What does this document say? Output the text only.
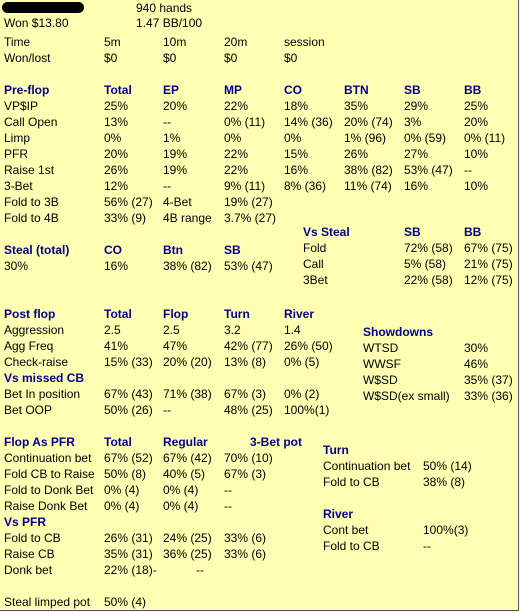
940 hands
Won $13.80	1.47 BB/100
Time	5m	10m	20m	session
Won/lost	$0	$0	$0	$0
Pre-flop	Total	EP	MP	CO	BTN	SB	BB
VP$IP	25%	20%	22%	18%	35%	29%	25%
Call Open	13%	--	0% (11) 14% (36) 20% (74) 3%	20%
Limp	0%	1%	0%	0%	1% (96) 0% (59) 0% (11)
PFR	20%	19%	22%	15%	26%	27%	10%
Raise 1st	26%	19%	22%	16%	38% (82) 53% (47) --
3-Bet	12%	--	9% (11) 8% (36) 11% (74) 16%	10%
Fold to 3B	56% (27) 4-Bet	19% (27)
Fold to 4B	33% (9) 4B range 3.7% (27)
Vs Steal	SB	BB
Fold	72% (58) 67% (75)
Call	5% (58) 21% (75)
3Bet	22% (58) 12% (75)
Steal (total)	CO	Btn	SB
30%	16%	38% (82) 53% (47)
Post flop	Total	Flop	Turn	River
Aggression	2.5	2.5	3.2	1.4
Agg Freq	41%	47%	42% (77) 26% (50)
Check-raise	15% (33) 20% (20) 13% (8) 0% (5)
Vs missed CB
Bet In position 67% (43) 71% (38) 67% (3) 0% (2)
Bet OOP	50% (26) --	48% (25) 100%(1)
Showdowns
WTSD	30%
WWSF	46%
W$SD	35% (37)
W$SD(ex small) 33% (36)
Flop As PFR Total	Regular	3-Bet pot
Continuation bet 67% (52) 67% (42) 70% (10)
Fold CB to Raise 50% (8) 40% (5) 67% (3)
Fold to Donk Bet 0% (4) 0% (4) --
Raise Donk Bet 0% (4) 0% (4) --
Vs PFR
Fold to CB	26% (31) 24% (25) 33% (6)
Raise CB	35% (31) 36% (25) 33% (6)
Donk bet	22% (18)-	--
Turn
Continuation bet 50% (14)
Fold to CB	38% (8)
River
Cont bet	100%(3)
Fold to CB	--
Steal limped pot 50% (4)
